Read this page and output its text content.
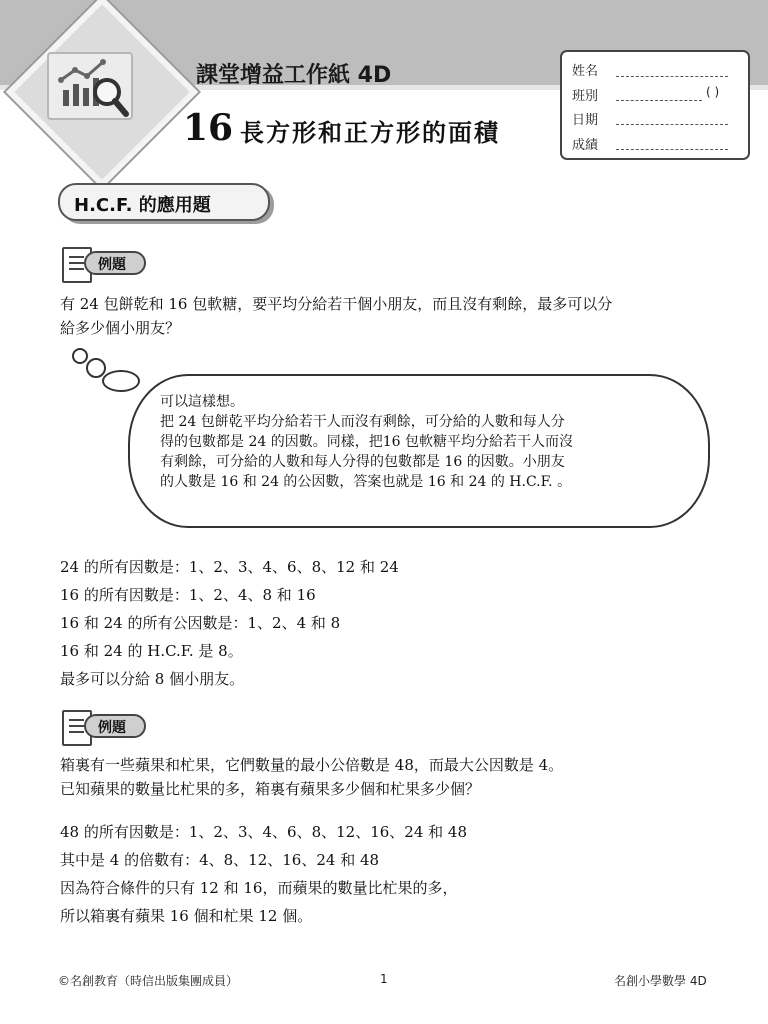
課堂增益工作紙 4D
16 長方形和正方形的面積
姓名
班別	( )
日期
成績
H.C.F. 的應用題
例題
有 24 包餅乾和 16 包軟糖，要平均分給若干個小朋友，而且沒有剩餘，最多可以分
給多少個小朋友？
可以這樣想。
把 24 包餅乾平均分給若干人而沒有剩餘，可分給的人數和每人分
得的包數都是 24 的因數。同樣，把16 包軟糖平均分給若干人而沒
有剩餘，可分給的人數和每人分得的包數都是 16 的因數。小朋友
的人數是 16 和 24 的公因數，答案也就是 16 和 24 的 H.C.F. 。
24 的所有因數是：1、2、3、4、6、8、12 和 24
16 的所有因數是：1、2、4、8 和 16
16 和 24 的所有公因數是：1、2、4 和 8
16 和 24 的 H.C.F. 是 8。
最多可以分給 8 個小朋友。
例題
箱裏有一些蘋果和杧果，它們數量的最小公倍數是 48，而最大公因數是 4。
已知蘋果的數量比杧果的多，箱裏有蘋果多少個和杧果多少個？
48 的所有因數是：1、2、3、4、6、8、12、16、24 和 48
其中是 4 的倍數有：4、8、12、16、24 和 48
因為符合條件的只有 12 和 16，而蘋果的數量比杧果的多，
所以箱裏有蘋果 16 個和杧果 12 個。
©名創教育（時信出版集團成員）	1	名創小學數學 4D
